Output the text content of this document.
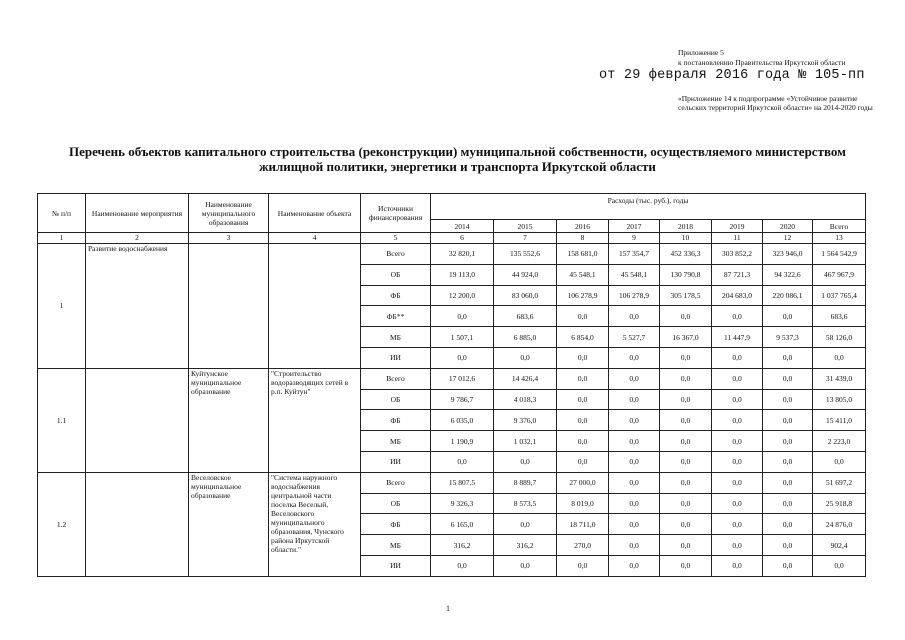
Приложение 5
к постановлению Правительства Иркутской области
от 29 февраля 2016 года № 105-пп
«Приложение 14 к подпрограмме «Устойчивое развитие сельских территорий Иркутской области» на 2014-2020 годы
Перечень объектов капитального строительства (реконструкции) муниципальной собственности, осуществляемого министерством жилищной политики, энергетики и транспорта Иркутской области
№ п/п	Наименование мероприятия	Наименование муниципального образования	Наименование объекта	Источники финансирования	Расходы (тыс. руб.), годы							
					2014	2015	2016	2017	2018	2019	2020	Всего
1	2	3	4	5	6	7	8	9	10	11	12	13
1	Развитие водоснабжения			Всего	32 820,1	135 552,6	158 681,0	157 354,7	452 336,3	303 852,2	323 946,0	1 564 542,9
				ОБ	19 113,0	44 924,0	45 548,1	45 548,1	130 790,8	87 721,3	94 322,6	467 967,9
				ФБ	12 200,0	83 060,0	106 278,9	106 278,9	305 178,5	204 683,0	220 086,1	1 037 765,4
				ФБ**	0,0	683,6	0,0	0,0	0,0	0,0	0,0	683,6
				МБ	1 507,1	6 885,0	6 854,0	5 527,7	16 367,0	11 447,9	9 537,3	58 126,0
				ИИ	0,0	0,0	0,0	0,0	0,0	0,0	0,0	0,0
1.1		Куйтунское муниципальное образование	"Строительство водоразводящих сетей в р.п. Куйтун"	Всего	17 012,6	14 426,4	0,0	0,0	0,0	0,0	0,0	31 439,0
				ОБ	9 786,7	4 018,3	0,0	0,0	0,0	0,0	0,0	13 805,0
				ФБ	6 035,0	9 376,0	0,0	0,0	0,0	0,0	0,0	15 411,0
				МБ	1 190,9	1 032,1	0,0	0,0	0,0	0,0	0,0	2 223,0
				ИИ	0,0	0,0	0,0	0,0	0,0	0,0	0,0	0,0
1.2		Веселовское муниципальное образование	"Система наружного водоснабжения центральной части поселка Веселый, Веселовского муниципального образования, Чунского района Иркутской области."	Всего	15 807,5	8 889,7	27 000,0	0,0	0,0	0,0	0,0	51 697,2
				ОБ	9 326,3	8 573,5	8 019,0	0,0	0,0	0,0	0,0	25 918,8
				ФБ	6 165,0	0,0	18 711,0	0,0	0,0	0,0	0,0	24 876,0
				МБ	316,2	316,2	270,0	0,0	0,0	0,0	0,0	902,4
				ИИ	0,0	0,0	0,0	0,0	0,0	0,0	0,0	0,0
1
